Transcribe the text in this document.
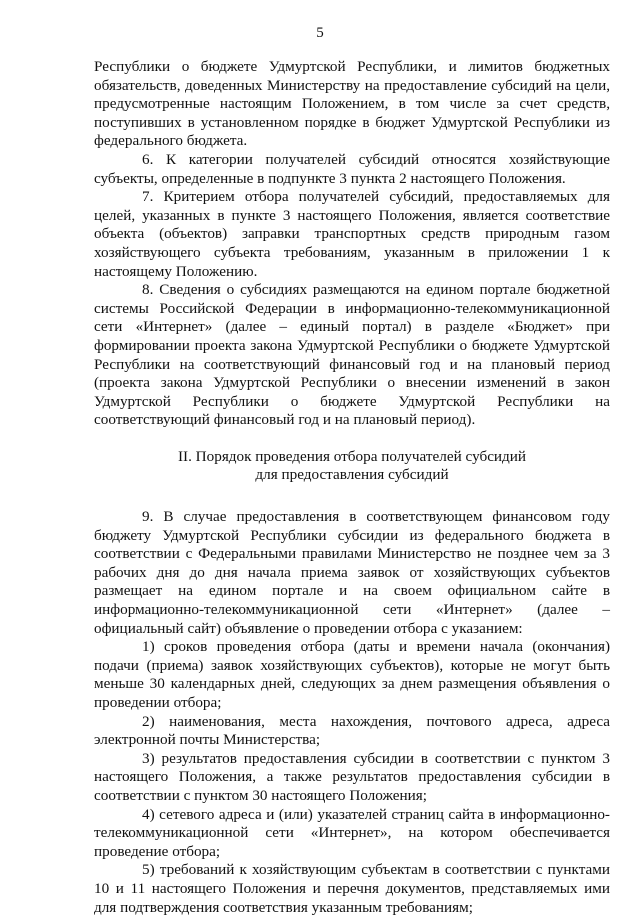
5

Республики о бюджете Удмуртской Республики, и лимитов бюджетных обязательств, доведенных Министерству на предоставление субсидий на цели, предусмотренные настоящим Положением, в том числе за счет средств, поступивших в установленном порядке в бюджет Удмуртской Республики из федерального бюджета.

6. К категории получателей субсидий относятся хозяйствующие субъекты, определенные в подпункте 3 пункта 2 настоящего Положения.

7. Критерием отбора получателей субсидий, предоставляемых для целей, указанных в пункте 3 настоящего Положения, является соответствие объекта (объектов) заправки транспортных средств природным газом хозяйствующего субъекта требованиям, указанным в приложении 1 к настоящему Положению.

8. Сведения о субсидиях размещаются на едином портале бюджетной системы Российской Федерации в информационно-телекоммуникационной сети «Интернет» (далее – единый портал) в разделе «Бюджет» при формировании проекта закона Удмуртской Республики о бюджете Удмуртской Республики на соответствующий финансовый год и на плановый период (проекта закона Удмуртской Республики о внесении изменений в закон Удмуртской Республики о бюджете Удмуртской Республики на соответствующий финансовый год и на плановый период).

II. Порядок проведения отбора получателей субсидий
для предоставления субсидий

9. В случае предоставления в соответствующем финансовом году бюджету Удмуртской Республики субсидии из федерального бюджета в соответствии с Федеральными правилами Министерство не позднее чем за 3 рабочих дня до дня начала приема заявок от хозяйствующих субъектов размещает на едином портале и на своем официальном сайте в информационно-телекоммуникационной сети «Интернет» (далее – официальный сайт) объявление о проведении отбора с указанием:

1) сроков проведения отбора (даты и времени начала (окончания) подачи (приема) заявок хозяйствующих субъектов), которые не могут быть меньше 30 календарных дней, следующих за днем размещения объявления о проведении отбора;

2) наименования, места нахождения, почтового адреса, адреса электронной почты Министерства;

3) результатов предоставления субсидии в соответствии с пунктом 3 настоящего Положения, а также результатов предоставления субсидии в соответствии с пунктом 30 настоящего Положения;

4) сетевого адреса и (или) указателей страниц сайта в информационно-телекоммуникационной сети «Интернет», на котором обеспечивается проведение отбора;

5) требований к хозяйствующим субъектам в соответствии с пунктами 10 и 11 настоящего Положения и перечня документов, представляемых ими для подтверждения соответствия указанным требованиям;
